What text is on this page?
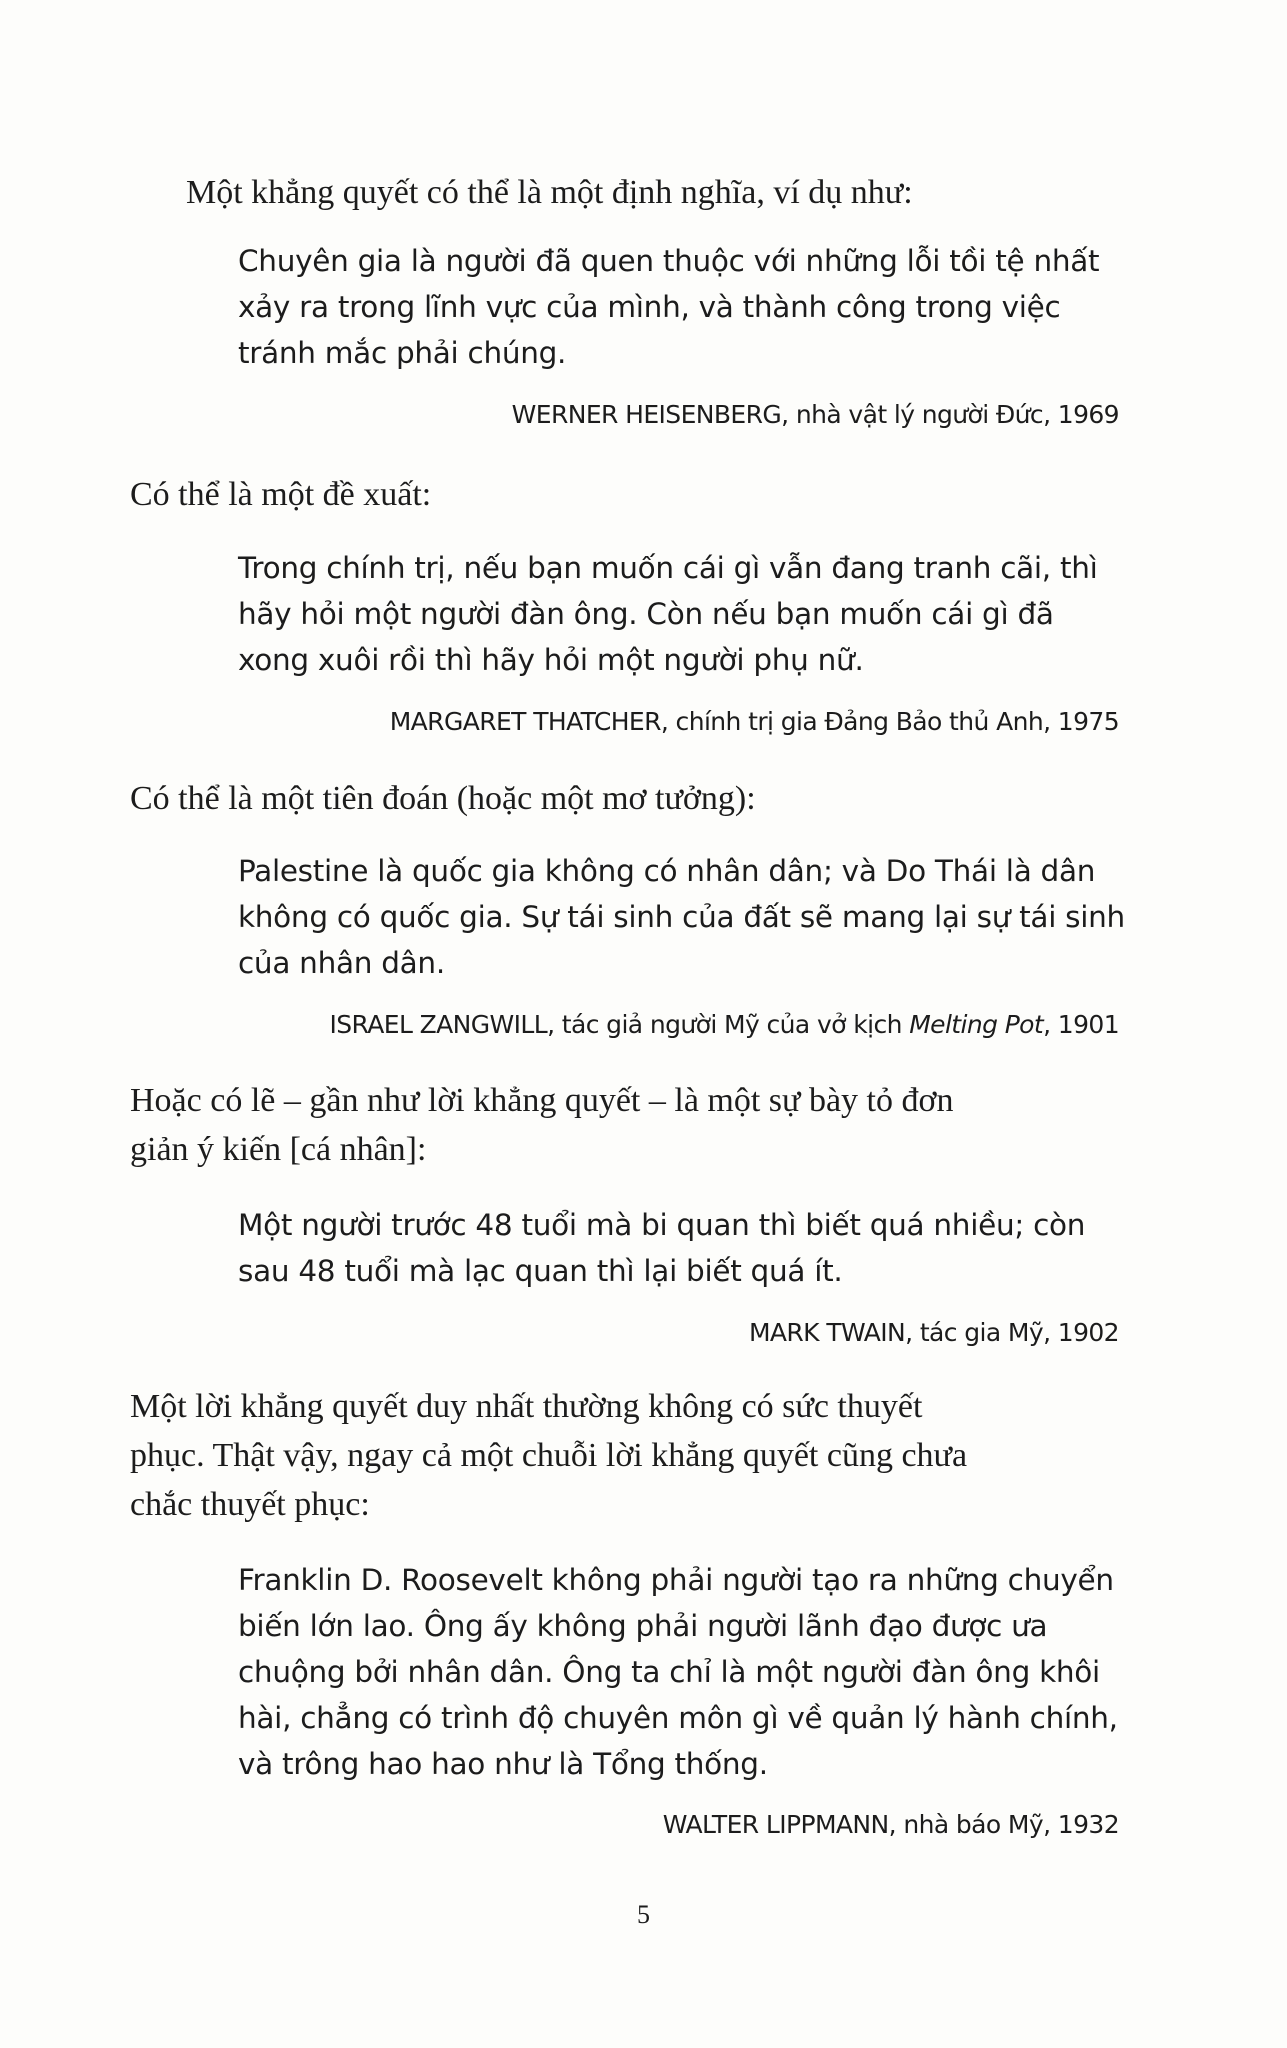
Một khẳng quyết có thể là một định nghĩa, ví dụ như:

Chuyên gia là người đã quen thuộc với những lỗi tồi tệ nhất
xảy ra trong lĩnh vực của mình, và thành công trong việc
tránh mắc phải chúng.

WERNER HEISENBERG, nhà vật lý người Đức, 1969

Có thể là một đề xuất:

Trong chính trị, nếu bạn muốn cái gì vẫn đang tranh cãi, thì
hãy hỏi một người đàn ông. Còn nếu bạn muốn cái gì đã
xong xuôi rồi thì hãy hỏi một người phụ nữ.

MARGARET THATCHER, chính trị gia Đảng Bảo thủ Anh, 1975

Có thể là một tiên đoán (hoặc một mơ tưởng):

Palestine là quốc gia không có nhân dân; và Do Thái là dân
không có quốc gia. Sự tái sinh của đất sẽ mang lại sự tái sinh
của nhân dân.

ISRAEL ZANGWILL, tác giả người Mỹ của vở kịch Melting Pot, 1901

Hoặc có lẽ – gần như lời khẳng quyết – là một sự bày tỏ đơn
giản ý kiến [cá nhân]:
Một người trước 48 tuổi mà bi quan thì biết quá nhiều; còn
sau 48 tuổi mà lạc quan thì lại biết quá ít.

MARK TWAIN, tác gia Mỹ, 1902

Một lời khẳng quyết duy nhất thường không có sức thuyết
phục. Thật vậy, ngay cả một chuỗi lời khẳng quyết cũng chưa
chắc thuyết phục:
Franklin D. Roosevelt không phải người tạo ra những chuyển
biến lớn lao. Ông ấy không phải người lãnh đạo được ưa
chuộng bởi nhân dân. Ông ta chỉ là một người đàn ông khôi
hài, chẳng có trình độ chuyên môn gì về quản lý hành chính,
và trông hao hao như là Tổng thống.

WALTER LIPPMANN, nhà báo Mỹ, 1932

5
